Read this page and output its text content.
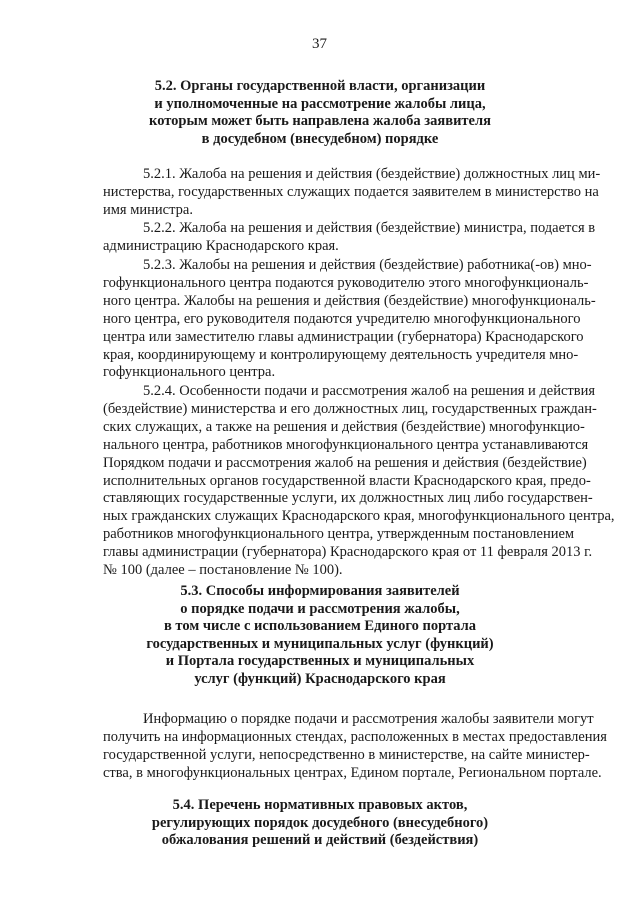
37
5.2. Органы государственной власти, организации
и уполномоченные на рассмотрение жалобы лица,
которым может быть направлена жалоба заявителя
в досудебном (внесудебном) порядке
5.2.1. Жалоба на решения и действия (бездействие) должностных лиц ми-
нистерства, государственных служащих подается заявителем в министерство на
имя министра.
5.2.2. Жалоба на решения и действия (бездействие) министра, подается в
администрацию Краснодарского края.
5.2.3. Жалобы на решения и действия (бездействие) работника(-ов) мно-
гофункционального центра подаются руководителю этого многофункциональ-
ного центра. Жалобы на решения и действия (бездействие) многофункциональ-
ного центра, его руководителя подаются учредителю многофункционального
центра или заместителю главы администрации (губернатора) Краснодарского
края, координирующему и контролирующему деятельность учредителя мно-
гофункционального центра.
5.2.4. Особенности подачи и рассмотрения жалоб на решения и действия
(бездействие) министерства и его должностных лиц, государственных граждан-
ских служащих, а также на решения и действия (бездействие) многофункцио-
нального центра, работников многофункционального центра устанавливаются
Порядком подачи и рассмотрения жалоб на решения и действия (бездействие)
исполнительных органов государственной власти Краснодарского края, предо-
ставляющих государственные услуги, их должностных лиц либо государствен-
ных гражданских служащих Краснодарского края, многофункционального центра,
работников многофункционального центра, утвержденным постановлением
главы администрации (губернатора) Краснодарского края от 11 февраля 2013 г.
№ 100 (далее – постановление № 100).
5.3. Способы информирования заявителей
о порядке подачи и рассмотрения жалобы,
в том числе с использованием Единого портала
государственных и муниципальных услуг (функций)
и Портала государственных и муниципальных
услуг (функций) Краснодарского края
Информацию о порядке подачи и рассмотрения жалобы заявители могут
получить на информационных стендах, расположенных в местах предоставления
государственной услуги, непосредственно в министерстве, на сайте министер-
ства, в многофункциональных центрах, Едином портале, Региональном портале.
5.4. Перечень нормативных правовых актов,
регулирующих порядок досудебного (внесудебного)
обжалования решений и действий (бездействия)
